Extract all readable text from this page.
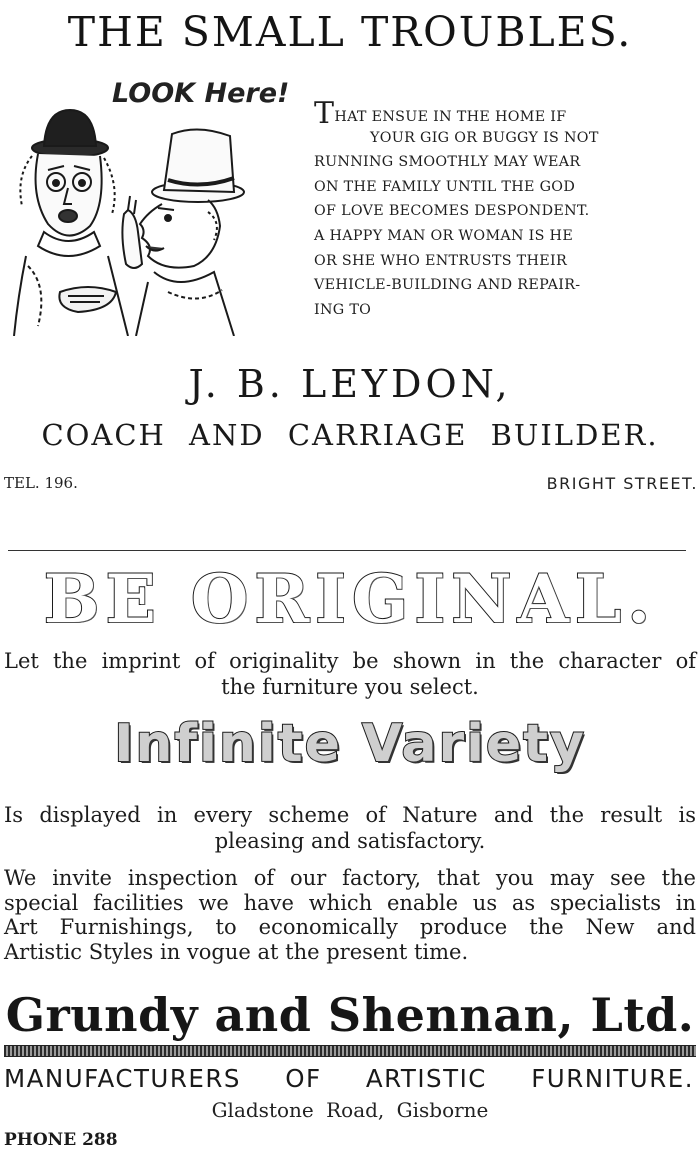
THE SMALL TROUBLES.
LOOK Here!
THAT ENSUE IN THE HOME IF
YOUR GIG OR BUGGY IS NOT
RUNNING SMOOTHLY MAY WEAR
ON THE FAMILY UNTIL THE GOD
OF LOVE BECOMES DESPONDENT.
A HAPPY MAN OR WOMAN IS HE
OR SHE WHO ENTRUSTS THEIR
VEHICLE-BUILDING AND REPAIR-
ING TO
J. B. LEYDON,
COACH AND CARRIAGE BUILDER.
TEL. 196.	BRIGHT STREET.
BE ORIGINAL.
Let the imprint of originality be shown in the character of
the furniture you select.
Infinite Variety
Is displayed in every scheme of Nature and the result is
pleasing and satisfactory.
We invite inspection of our factory, that you may see the
special facilities we have which enable us as specialists in
Art Furnishings, to economically produce the New and
Artistic Styles in vogue at the present time.
Grundy and Shennan, Ltd.
MANUFACTURERS OF ARTISTIC FURNITURE.
Gladstone Road, Gisborne
PHONE 288
